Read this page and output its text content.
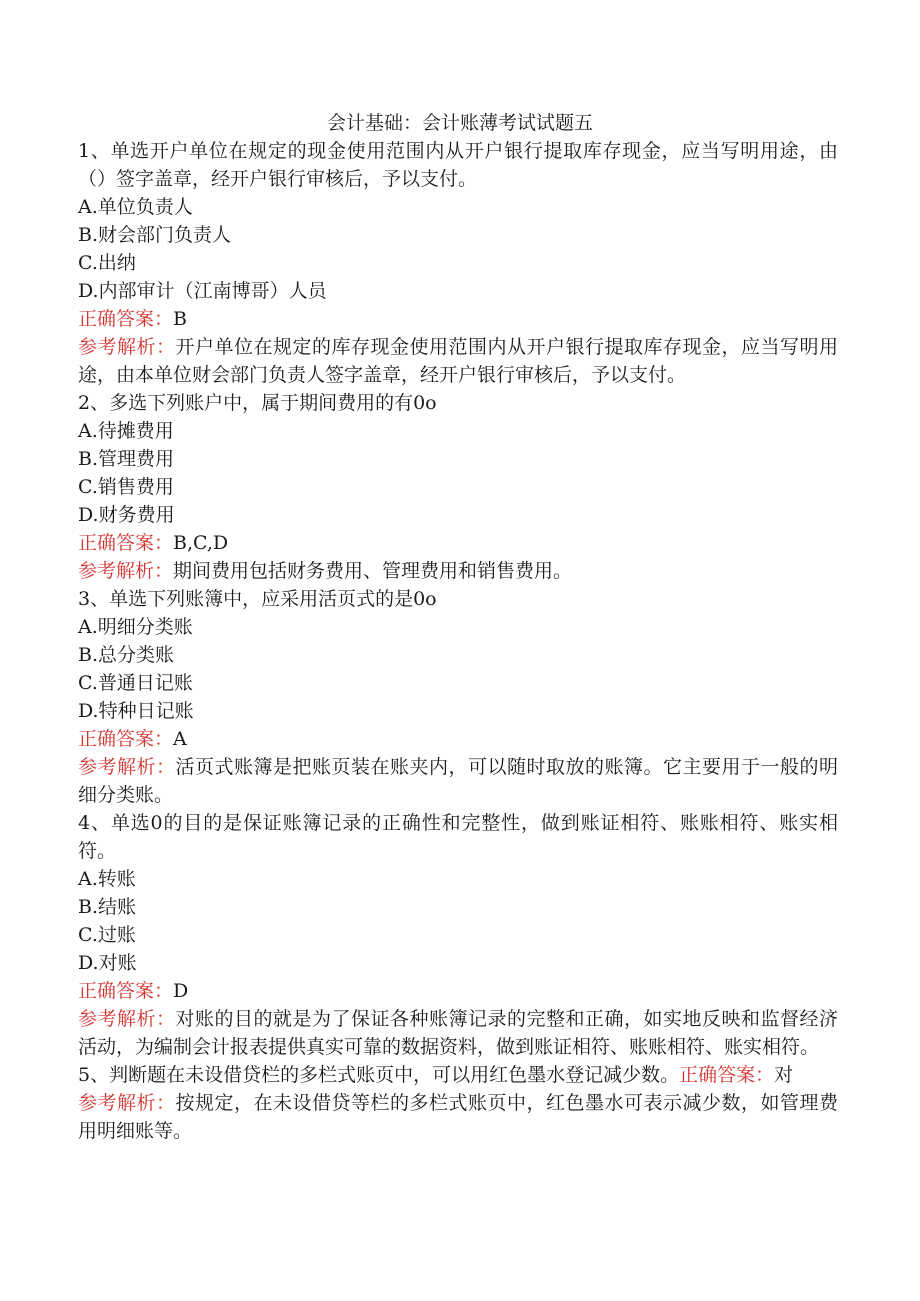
会计基础：会计账薄考试试题五
1、单选开户单位在规定的现金使用范围内从开户银行提取库存现金，应当写明用途，由（）签字盖章，经开户银行审核后，予以支付。
A.单位负责人
B.财会部门负责人
C.出纳
D.内部审计（江南博哥）人员
正确答案：B
参考解析：开户单位在规定的库存现金使用范围内从开户银行提取库存现金，应当写明用途，由本单位财会部门负责人签字盖章，经开户银行审核后，予以支付。
2、多选下列账户中，属于期间费用的有0o
A.待摊费用
B.管理费用
C.销售费用
D.财务费用
正确答案：B,C,D
参考解析：期间费用包括财务费用、管理费用和销售费用。
3、单选下列账簿中，应采用活页式的是0o
A.明细分类账
B.总分类账
C.普通日记账
D.特种日记账
正确答案：A
参考解析：活页式账簿是把账页装在账夹内，可以随时取放的账簿。它主要用于一般的明细分类账。
4、单选0的目的是保证账簿记录的正确性和完整性，做到账证相符、账账相符、账实相符。
A.转账
B.结账
C.过账
D.对账
正确答案：D
参考解析：对账的目的就是为了保证各种账簿记录的完整和正确，如实地反映和监督经济活动，为编制会计报表提供真实可靠的数据资料，做到账证相符、账账相符、账实相符。
5、判断题在未设借贷栏的多栏式账页中，可以用红色墨水登记减少数。正确答案：对
参考解析：按规定，在未设借贷等栏的多栏式账页中，红色墨水可表示减少数，如管理费用明细账等。
